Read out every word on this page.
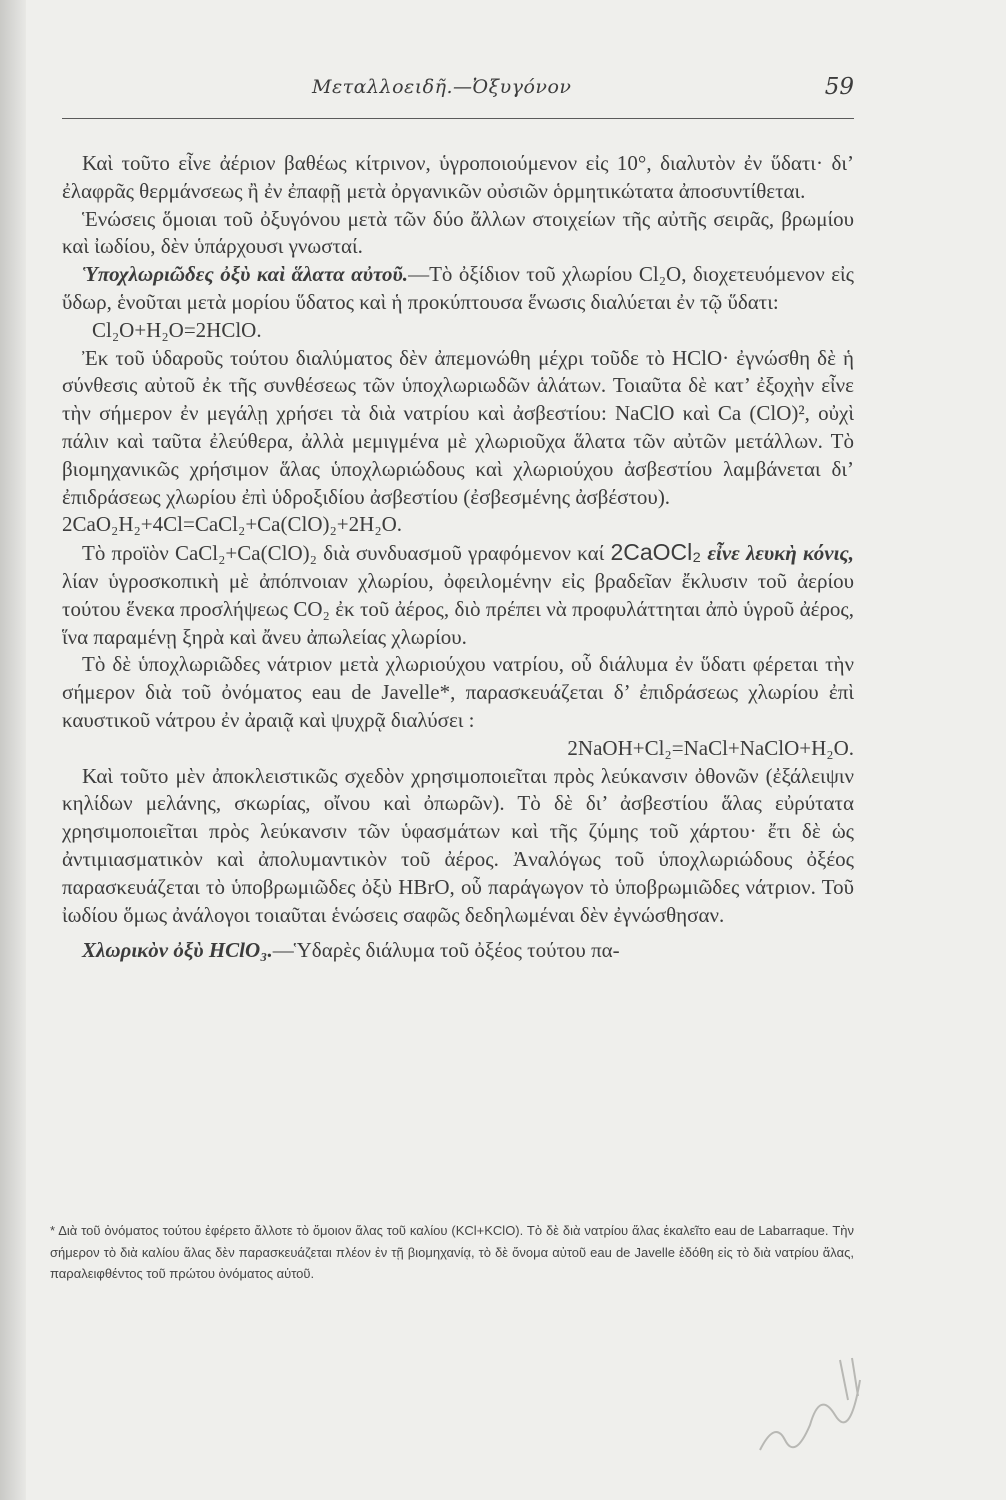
Μεταλλοειδῆ.—Ὀξυγόνον	59

Καὶ τοῦτο εἶνε ἀέριον βαθέως κίτρινον, ὑγροποιούμενον εἰς 10°, διαλυτὸν ἐν ὕδατι· δι’ ἐλαφρᾶς θερμάνσεως ἢ ἐν ἐπαφῇ μετὰ ὀργανικῶν οὐσιῶν ὁρμητικώτατα ἀποσυντίθεται.

Ἑνώσεις ὅμοιαι τοῦ ὀξυγόνου μετὰ τῶν δύο ἄλλων στοιχείων τῆς αὐτῆς σειρᾶς, βρωμίου καὶ ἰωδίου, δὲν ὑπάρχουσι γνωσταί.

Ὑποχλωριῶδες ὀξὺ καὶ ἅλατα αὐτοῦ.—Τὸ ὀξίδιον τοῦ χλωρίου Cl₂O, διοχετευόμενον εἰς ὕδωρ, ἑνοῦται μετὰ μορίου ὕδατος καὶ ἡ προκύπτουσα ἕνωσις διαλύεται ἐν τῷ ὕδατι:

Cl₂O+H₂O=2HClO.

Ἐκ τοῦ ὑδαροῦς τούτου διαλύματος δὲν ἀπεμονώθη μέχρι τοῦδε τὸ HClO· ἐγνώσθη δὲ ἡ σύνθεσις αὐτοῦ ἐκ τῆς συνθέσεως τῶν ὑποχλωριωδῶν ἁλάτων. Τοιαῦτα δὲ κατ’ ἐξοχὴν εἶνε τὴν σήμερον ἐν μεγάλῃ χρήσει τὰ διὰ νατρίου καὶ ἀσβεστίου: NaClO καὶ Ca (ClO)², οὐχὶ πάλιν καὶ ταῦτα ἐλεύθερα, ἀλλὰ μεμιγμένα μὲ χλωριοῦχα ἅλατα τῶν αὐτῶν μετάλλων. Τὸ βιομηχανικῶς χρήσιμον ἅλας ὑποχλωριώδους καὶ χλωριούχου ἀσβεστίου λαμβάνεται δι’ ἐπιδράσεως χλωρίου ἐπὶ ὑδροξιδίου ἀσβεστίου (ἐσβεσμένης ἀσβέστου).

2CaO₂H₂+4Cl=CaCl₂+Ca(ClO)₂+2H₂O.

Τὸ προϊὸν CaCl₂+Ca(ClO)₂ διὰ συνδυασμοῦ γραφόμενον καί 2CaOCl₂ εἶνε λευκὴ κόνις, λίαν ὑγροσκοπικὴ μὲ ἀπόπνοιαν χλωρίου, ὀφειλομένην εἰς βραδεῖαν ἔκλυσιν τοῦ ἀερίου τούτου ἕνεκα προσλήψεως CO₂ ἐκ τοῦ ἀέρος, διὸ πρέπει νὰ προφυλάττηται ἀπὸ ὑγροῦ ἀέρος, ἵνα παραμένῃ ξηρὰ καὶ ἄνευ ἀπωλείας χλωρίου.

Τὸ δὲ ὑποχλωριῶδες νάτριον μετὰ χλωριούχου νατρίου, οὗ διάλυμα ἐν ὕδατι φέρεται τὴν σήμερον διὰ τοῦ ὀνόματος eau de Javelle*, παρασκευάζεται δ’ ἐπιδράσεως χλωρίου ἐπὶ καυστικοῦ νάτρου ἐν ἀραιᾷ καὶ ψυχρᾷ διαλύσει :

2NaOH+Cl₂=NaCl+NaClO+H₂O.

Καὶ τοῦτο μὲν ἀποκλειστικῶς σχεδὸν χρησιμοποιεῖται πρὸς λεύκανσιν ὀθονῶν (ἐξάλειψιν κηλίδων μελάνης, σκωρίας, οἴνου καὶ ὀπωρῶν). Τὸ δὲ δι’ ἀσβεστίου ἅλας εὐρύτατα χρησιμοποιεῖται πρὸς λεύκανσιν τῶν ὑφασμάτων καὶ τῆς ζύμης τοῦ χάρτου· ἔτι δὲ ὡς ἀντιμιασματικὸν καὶ ἀπολυμαντικὸν τοῦ ἀέρος. Ἀναλόγως τοῦ ὑποχλωριώδους ὀξέος παρασκευάζεται τὸ ὑποβρωμιῶδες ὀξὺ HBrO, οὗ παράγωγον τὸ ὑποβρωμιῶδες νάτριον. Τοῦ ἰωδίου ὅμως ἀνάλογοι τοιαῦται ἑνώσεις σαφῶς δεδηλωμέναι δὲν ἐγνώσθησαν.

Χλωρικὸν ὀξὺ HClO₃.—Ὑδαρὲς διάλυμα τοῦ ὀξέος τούτου πα-

* Διὰ τοῦ ὀνόματος τούτου ἐφέρετο ἄλλοτε τὸ ὅμοιον ἅλας τοῦ καλίου (KCl+KClO). Τὸ δὲ διὰ νατρίου ἅλας ἐκαλεῖτο eau de Labarraque. Τὴν σήμερον τὸ διὰ καλίου ἅλας δὲν παρασκευάζεται πλέον ἐν τῇ βιομηχανίᾳ, τὸ δὲ ὄνομα αὐτοῦ eau de Javelle ἐδόθη εἰς τὸ διὰ νατρίου ἅλας, παραλειφθέντος τοῦ πρώτου ὀνόματος αὐτοῦ.
